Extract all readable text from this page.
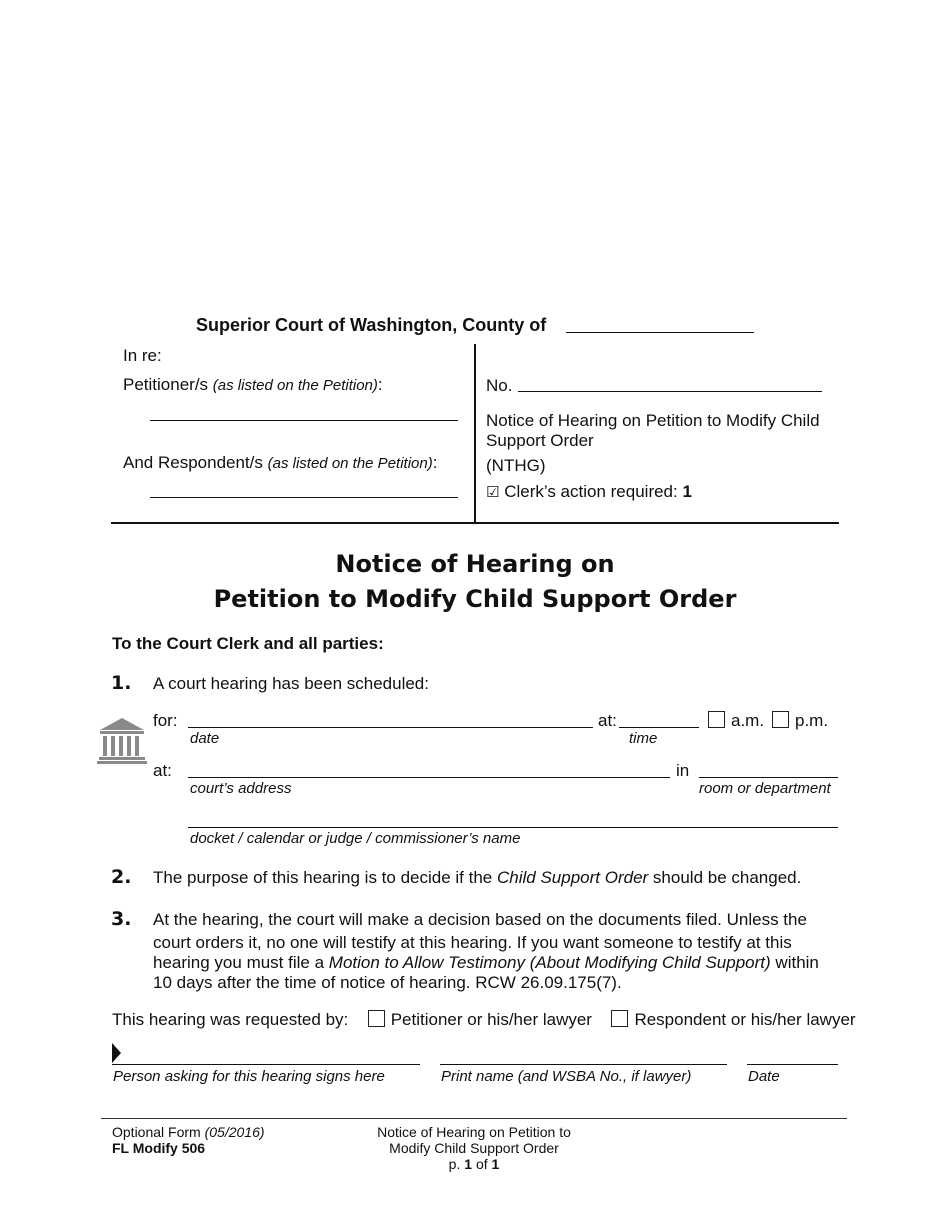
Superior Court of Washington, County of
In re:
Petitioner/s (as listed on the Petition):
And Respondent/s (as listed on the Petition):
No.
Notice of Hearing on Petition to Modify Child Support Order
(NTHG)
☑ Clerk’s action required: 1
Notice of Hearing on
Petition to Modify Child Support Order
To the Court Clerk and all parties:
1. A court hearing has been scheduled:
for:
date
at:
time
a.m.	p.m.
at:
court’s address
in
room or department
docket / calendar or judge / commissioner’s name
2. The purpose of this hearing is to decide if the Child Support Order should be changed.
3. At the hearing, the court will make a decision based on the documents filed. Unless the
court orders it, no one will testify at this hearing. If you want someone to testify at this
hearing you must file a Motion to Allow Testimony (About Modifying Child Support) within
10 days after the time of notice of hearing. RCW 26.09.175(7).
This hearing was requested by: Petitioner or his/her lawyer Respondent or his/her lawyer
Person asking for this hearing signs here	Print name (and WSBA No., if lawyer)	Date
Optional Form (05/2016)
FL Modify 506
Notice of Hearing on Petition to
Modify Child Support Order
p. 1 of 1
